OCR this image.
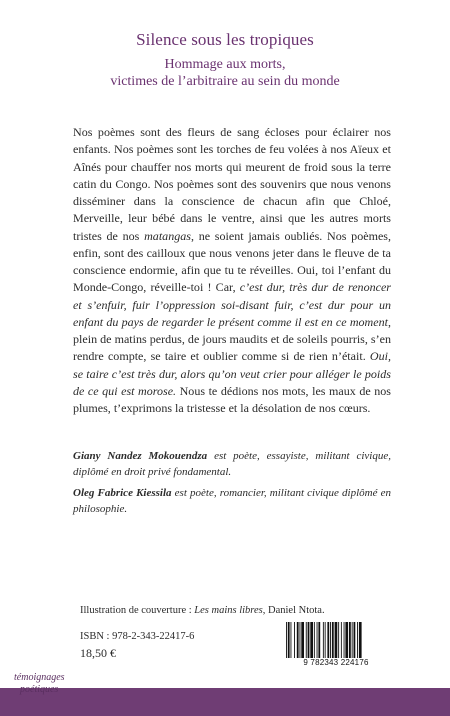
Silence sous les tropiques
Hommage aux morts,
victimes de l’arbitraire au sein du monde
Nos poèmes sont des fleurs de sang écloses pour éclairer nos enfants. Nos poèmes sont les torches de feu volées à nos Aïeux et Aînés pour chauffer nos morts qui meurent de froid sous la terre catin du Congo. Nos poèmes sont des souvenirs que nous venons disséminer dans la conscience de chacun afin que Chloé, Merveille, leur bébé dans le ventre, ainsi que les autres morts tristes de nos matangas, ne soient jamais oubliés. Nos poèmes, enfin, sont des cailloux que nous venons jeter dans le fleuve de ta conscience endormie, afin que tu te réveilles. Oui, toi l’enfant du Monde-Congo, réveille-toi ! Car, c’est dur, très dur de renoncer et s’enfuir, fuir l’oppression soi-disant fuir, c’est dur pour un enfant du pays de regarder le présent comme il est en ce moment, plein de matins perdus, de jours maudits et de soleils pourris, s’en rendre compte, se taire et oublier comme si de rien n’était. Oui, se taire c’est très dur, alors qu’on veut crier pour alléger le poids de ce qui est morose. Nous te dédions nos mots, les maux de nos plumes, t’exprimons la tristesse et la désolation de nos cœurs.

Giany Nandez Mokouendza est poète, essayiste, militant civique, diplômé en droit privé fondamental.

Oleg Fabrice Kiessila est poète, romancier, militant civique diplômé en philosophie.

Illustration de couverture : Les mains libres, Daniel Ntota.
ISBN : 978-2-343-22417-6
18,50 €
9 782343 224176
témoignages
poétiques
